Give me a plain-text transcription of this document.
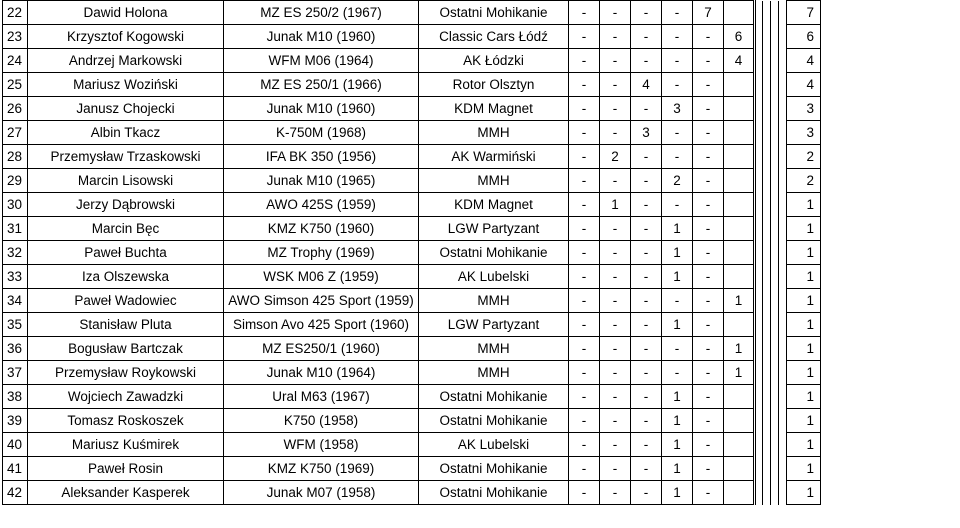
22	Dawid Holona	MZ ES 250/2 (1967)	Ostatni Mohikanie	-	-	-	-	7						7
23	Krzysztof Kogowski	Junak M10 (1960)	Classic Cars Łódź	-	-	-	-	-	6					6
24	Andrzej Markowski	WFM M06 (1964)	AK Łódzki	-	-	-	-	-	4					4
25	Mariusz Woziński	MZ ES 250/1 (1966)	Rotor Olsztyn	-	-	4	-	-						4
26	Janusz Chojecki	Junak M10 (1960)	KDM Magnet	-	-	-	3	-						3
27	Albin Tkacz	K-750M (1968)	MMH	-	-	3	-	-						3
28	Przemysław Trzaskowski	IFA BK 350 (1956)	AK Warmiński	-	2	-	-	-						2
29	Marcin Lisowski	Junak M10 (1965)	MMH	-	-	-	2	-						2
30	Jerzy Dąbrowski	AWO 425S (1959)	KDM Magnet	-	1	-	-	-						1
31	Marcin Bęc	KMZ K750 (1960)	LGW Partyzant	-	-	-	1	-						1
32	Paweł Buchta	MZ Trophy (1969)	Ostatni Mohikanie	-	-	-	1	-						1
33	Iza Olszewska	WSK M06 Z (1959)	AK Lubelski	-	-	-	1	-						1
34	Paweł Wadowiec	AWO Simson 425 Sport (1959)	MMH	-	-	-	-	-	1					1
35	Stanisław Pluta	Simson Avo 425 Sport (1960)	LGW Partyzant	-	-	-	1	-						1
36	Bogusław Bartczak	MZ ES250/1 (1960)	MMH	-	-	-	-	-	1					1
37	Przemysław Roykowski	Junak M10 (1964)	MMH	-	-	-	-	-	1					1
38	Wojciech Zawadzki	Ural M63 (1967)	Ostatni Mohikanie	-	-	-	1	-						1
39	Tomasz Roskoszek	K750 (1958)	Ostatni Mohikanie	-	-	-	1	-						1
40	Mariusz Kuśmirek	WFM (1958)	AK Lubelski	-	-	-	1	-						1
41	Paweł Rosin	KMZ K750 (1969)	Ostatni Mohikanie	-	-	-	1	-						1
42	Aleksander Kasperek	Junak M07 (1958)	Ostatni Mohikanie	-	-	-	1	-						1
